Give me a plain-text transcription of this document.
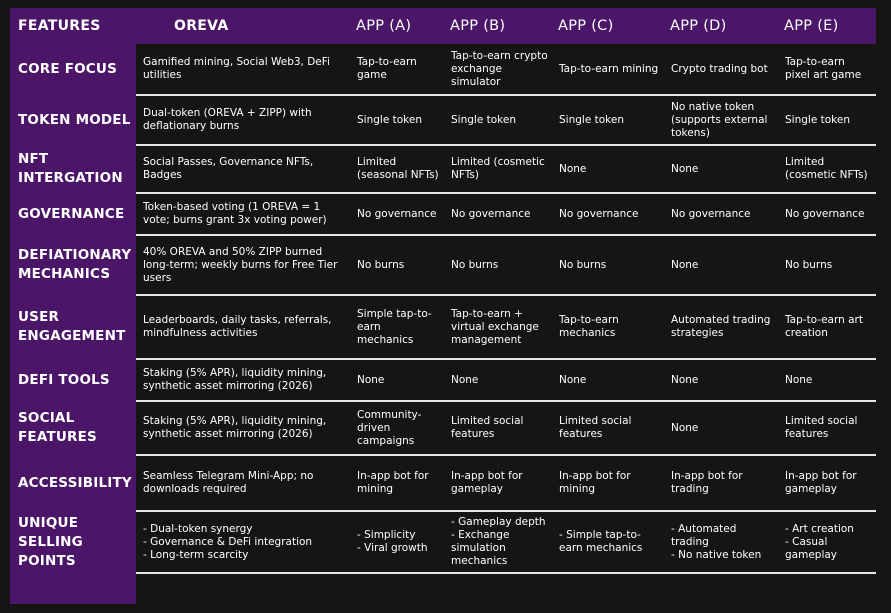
FEATURES	OREVA	APP (A)	APP (B)	APP (C)	APP (D)	APP (E)
CORE FOCUS	Gamified mining, Social Web3, DeFi utilities	Tap-to-earn game	Tap-to-earn crypto exchange simulator	Tap-to-earn mining	Crypto trading bot	Tap-to-earn pixel art game
TOKEN MODEL	Dual-token (OREVA + ZIPP) with deflationary burns	Single token	Single token	Single token	No native token (supports external tokens)	Single token
NFT INTERGATION	Social Passes, Governance NFTs, Badges	Limited (seasonal NFTs)	Limited (cosmetic NFTs)	None	None	Limited (cosmetic NFTs)
GOVERNANCE	Token-based voting (1 OREVA = 1 vote; burns grant 3x voting power)	No governance	No governance	No governance	No governance	No governance
DEFIATIONARY MECHANICS	40% OREVA and 50% ZIPP burned long-term; weekly burns for Free Tier users	No burns	No burns	No burns	None	No burns
USER ENGAGEMENT	Leaderboards, daily tasks, referrals, mindfulness activities	Simple tap-to-earn mechanics	Tap-to-earn + virtual exchange management	Tap-to-earn mechanics	Automated trading strategies	Tap-to-earn art creation
DEFI TOOLS	Staking (5% APR), liquidity mining, synthetic asset mirroring (2026)	None	None	None	None	None
SOCIAL FEATURES	Staking (5% APR), liquidity mining, synthetic asset mirroring (2026)	Community-driven campaigns	Limited social features	Limited social features	None	Limited social features
ACCESSIBILITY	Seamless Telegram Mini-App; no downloads required	In-app bot for mining	In-app bot for gameplay	In-app bot for mining	In-app bot for trading	In-app bot for gameplay
UNIQUE SELLING POINTS	- Dual-token synergy
- Governance & DeFi integration
- Long-term scarcity	- Simplicity
- Viral growth	- Gameplay depth
- Exchange simulation mechanics	- Simple tap-to-earn mechanics	- Automated trading
- No native token	- Art creation
- Casual gameplay
